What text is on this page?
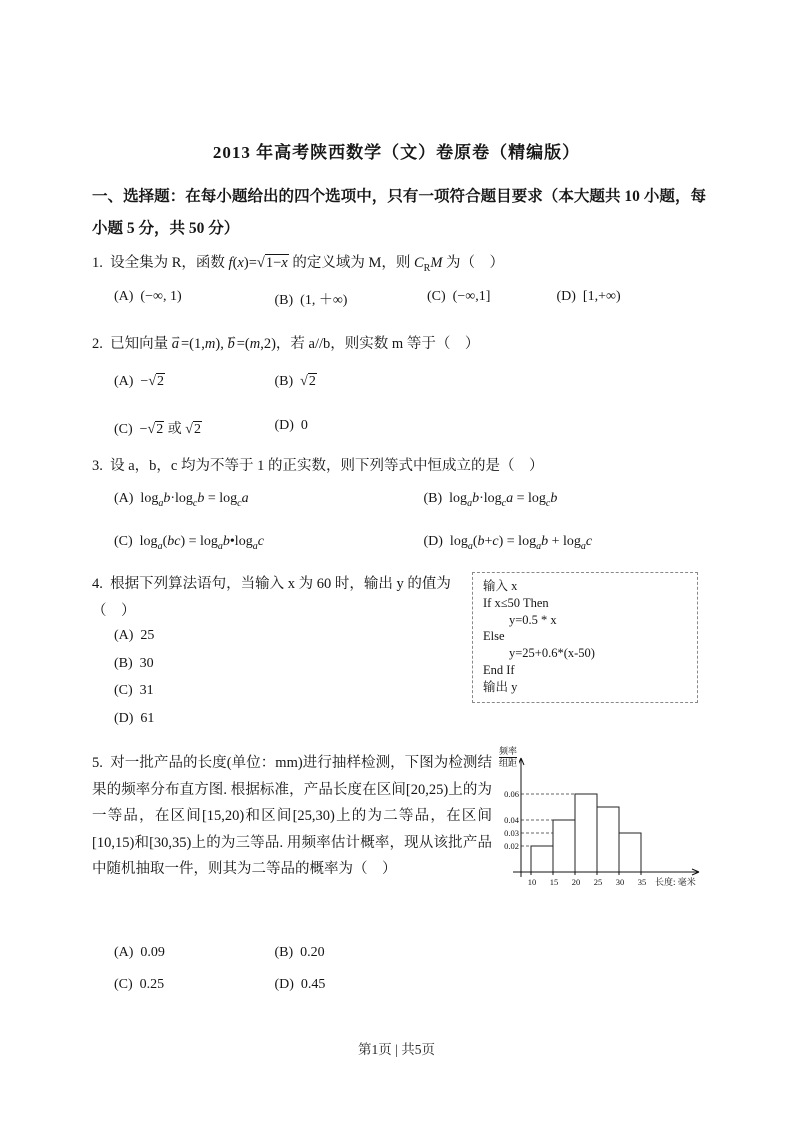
2013 年高考陕西数学（文）卷原卷（精编版）
一、选择题：在每小题给出的四个选项中，只有一项符合题目要求（本大题共 10 小题，每小题 5 分，共 50 分）
1.  设全集为 R，函数 f(x)=√1−x 的定义域为 M，则 $C_RM$ 为（    ）
(A)  (−∞, 1)	(B)  (1, ＋∞)	(C)  (−∞,1]	(D)  [1,+∞)
2.  已知向量 ⇀ a =(1,m), ⇀ b =(m,2)，若 a//b，则实数 m 等于（    ）
(A)  −√2	(B)  √2
(C)  −√2 或 √2	(D)  0
3.  设 a，b，c 均为不等于 1 的正实数，则下列等式中恒成立的是（    ）
(A)  $\log_ab\cdot\log_cb = \log_ca$	(B)  $\log_ab\cdot\log_ca = \log_cb$
(C)  $\log_a(bc)$ = $\log_ab•\log_ac$	(D)  $\log_a(b+c) = \log_ab + \log_ac$
4.  根据下列算法语句，当输入 x 为 60 时，输出 y 的值为
（    ）
(A)  25
(B)  30
(C)  31
(D)  61
输入 x
If x≤50 Then
y=0.5 * x
Else
y=25+0.6*(x-50)
End If
输出 y
5.  对一批产品的长度(单位：mm)进行抽样检测，下图为检测结果的频率分布直方图. 根据标准，产品长度在区间[20,25)上的为一等品，在区间[15,20)和区间[25,30)上的为二等品，在区间[10,15)和[30,35)上的为三等品. 用频率估计概率，现从该批产品中随机抽取一件，则其为二等品的概率为（    ）
频率
组距
0.02
0.03
0.04
0.06
10 15 20 25 30 35 长度: 毫米
(A)  0.09	(B)  0.20
(C)  0.25	(D)  0.45
第1页 | 共5页
